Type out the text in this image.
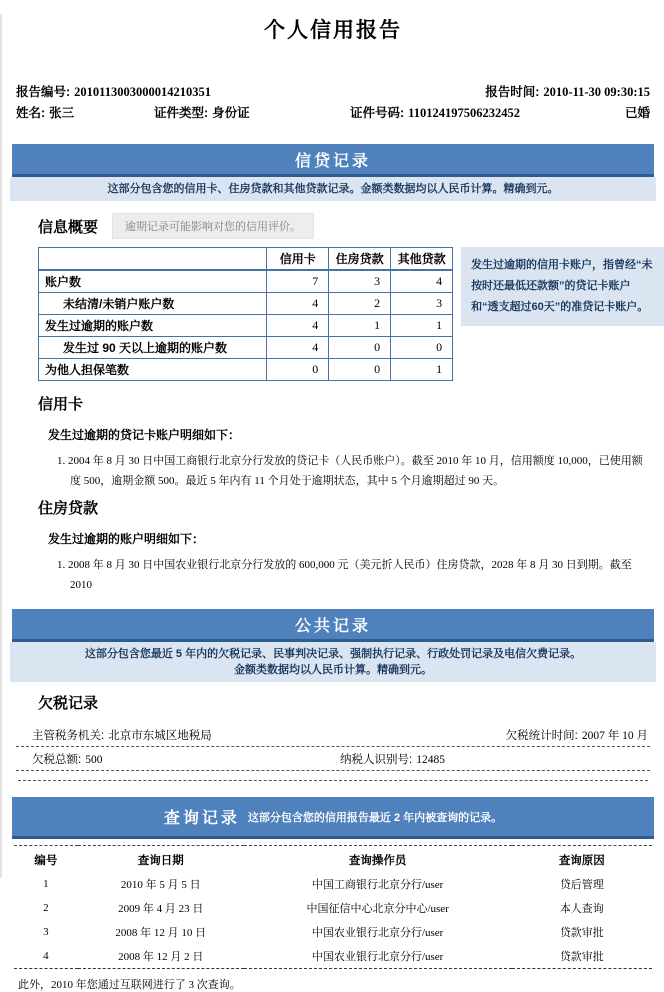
个人信用报告
报告编号: 2010113003000014210351	报告时间: 2010-11-30 09:30:15
姓名: 张三	证件类型: 身份证	证件号码: 110124197506232452	已婚
信贷记录
这部分包含您的信用卡、住房贷款和其他贷款记录。金额类数据均以人民币计算。精确到元。
信息概要	逾期记录可能影响对您的信用评价。
	信用卡	住房贷款	其他贷款
账户数	7	3	4
未结清/未销户账户数	4	2	3
发生过逾期的账户数	4	1	1
发生过 90 天以上逾期的账户数	4	0	0
为他人担保笔数	0	0	1
发生过逾期的信用卡账户，指曾经“未按时还最低还款额”的贷记卡账户和“透支超过60天”的准贷记卡账户。
信用卡
发生过逾期的贷记卡账户明细如下：
1. 2004 年 8 月 30 日中国工商银行北京分行发放的贷记卡（人民币账户）。截至 2010 年 10 月，信用额度 10,000，已使用额度 500，逾期金额 500。最近 5 年内有 11 个月处于逾期状态，其中 5 个月逾期超过 90 天。
住房贷款
发生过逾期的账户明细如下：
1. 2008 年 8 月 30 日中国农业银行北京分行发放的 600,000 元（美元折人民币）住房贷款，2028 年 8 月 30 日到期。截至 2010
公共记录
这部分包含您最近 5 年内的欠税记录、民事判决记录、强制执行记录、行政处罚记录及电信欠费记录。
金额类数据均以人民币计算。精确到元。
欠税记录
主管税务机关: 北京市东城区地税局	欠税统计时间: 2007 年 10 月
欠税总额: 500	纳税人识别号: 12485
查询记录 这部分包含您的信用报告最近 2 年内被查询的记录。
编号	查询日期	查询操作员	查询原因
1	2010 年 5 月 5 日	中国工商银行北京分行/user	贷后管理
2	2009 年 4 月 23 日	中国征信中心北京分中心/user	本人查询
3	2008 年 12 月 10 日	中国农业银行北京分行/user	贷款审批
4	2008 年 12 月 2 日	中国农业银行北京分行/user	贷款审批
此外，2010 年您通过互联网进行了 3 次查询。
